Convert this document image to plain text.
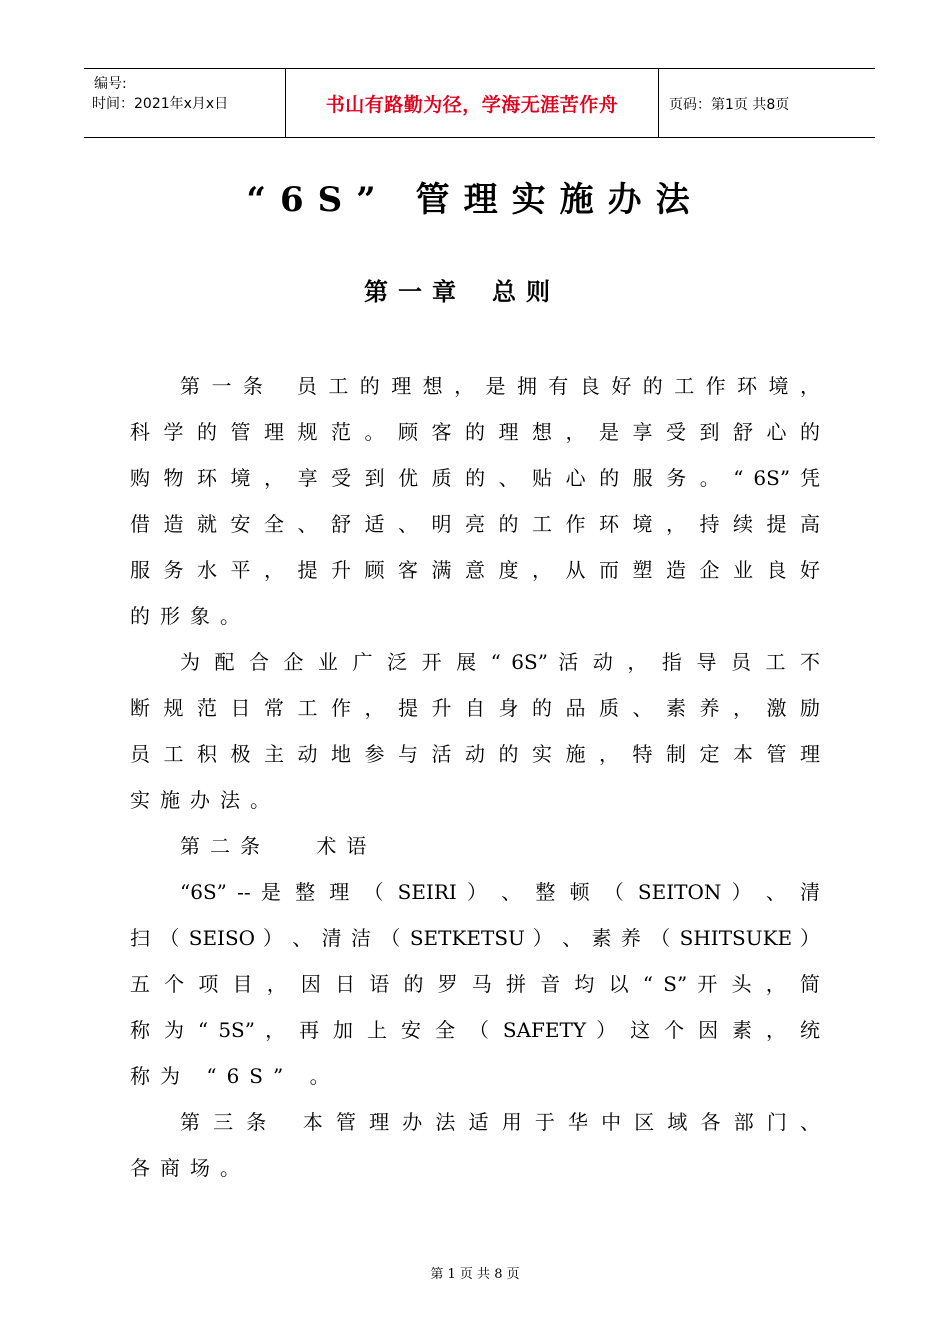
编号:
时间：2021年x月x日	书山有路勤为径，学海无涯苦作舟	页码：第1页 共8页
“6S” 管理实施办法
第一章 总则
第 一 条　 员 工 的 理 想 ， 是 拥 有 良 好 的 工 作 环 境 ，
科 学 的 管 理 规 范 。 顾 客 的 理 想 ， 是 享 受 到 舒 心 的
购 物 环 境 ， 享 受 到 优 质 的 、 贴 心 的 服 务 。 “ 6S” 凭
借 造 就 安 全 、 舒 适 、 明 亮 的 工 作 环 境 ， 持 续 提 高
服 务 水 平 ， 提 升 顾 客 满 意 度 ， 从 而 塑 造 企 业 良 好
的形象。
为 配 合 企 业 广 泛 开 展 “ 6S” 活 动 ， 指 导 员 工 不
断 规 范 日 常 工 作 ， 提 升 自 身 的 品 质 、 素 养 ， 激 励
员 工 积 极 主 动 地 参 与 活 动 的 实 施 ， 特 制 定 本 管 理
实施办法。
第二条　 术语
“6S” -- 是 整 理 （ SEIRI ） 、 整 顿 （ SEITON ） 、 清
扫 （ SEISO ） 、 清 洁 （ SETKETSU ） 、 素 养 （ SHITSUKE ）
五 个 项 目 ， 因 日 语 的 罗 马 拼 音 均 以 “ S” 开 头 ， 简
称 为 “ 5S” ， 再 加 上 安 全 （ SAFETY ） 这 个 因 素 ， 统
称为 “6S” 。
第 三 条　 本 管 理 办 法 适 用 于 华 中 区 域 各 部 门 、
各商场。
第 1 页 共 8 页
